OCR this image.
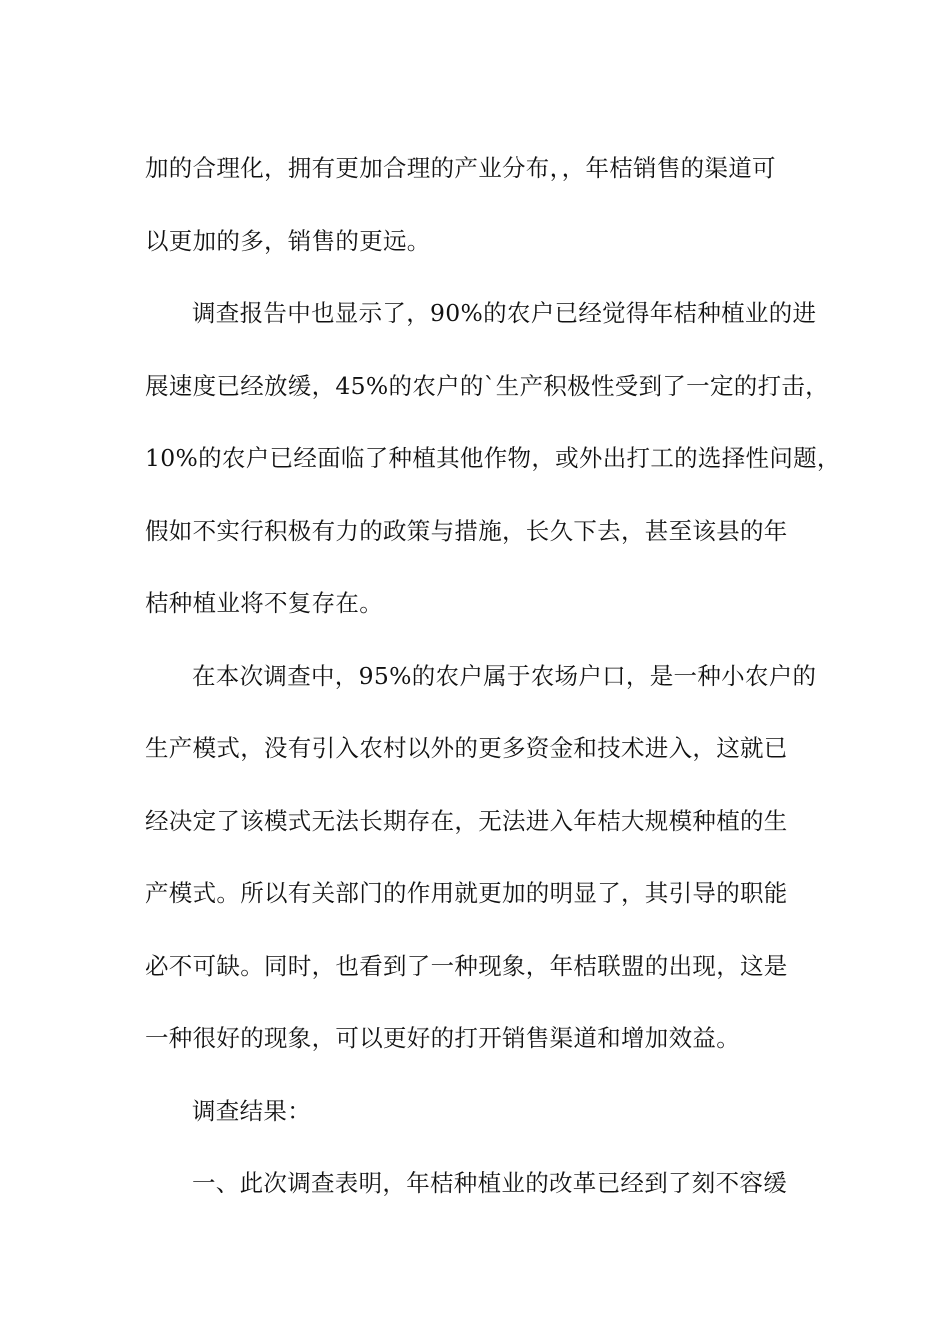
加的合理化，拥有更加合理的产业分布，，年桔销售的渠道可
以更加的多，销售的更远。
调查报告中也显示了，90%的农户已经觉得年桔种植业的进
展速度已经放缓，45%的农户的`生产积极性受到了一定的打击，
10%的农户已经面临了种植其他作物，或外出打工的选择性问题，
假如不实行积极有力的政策与措施，长久下去，甚至该县的年
桔种植业将不复存在。
在本次调查中，95%的农户属于农场户口，是一种小农户的
生产模式，没有引入农村以外的更多资金和技术进入，这就已
经决定了该模式无法长期存在，无法进入年桔大规模种植的生
产模式。所以有关部门的作用就更加的明显了，其引导的职能
必不可缺。同时，也看到了一种现象，年桔联盟的出现，这是
一种很好的现象，可以更好的打开销售渠道和增加效益。
调查结果：
一、此次调查表明，年桔种植业的改革已经到了刻不容缓
